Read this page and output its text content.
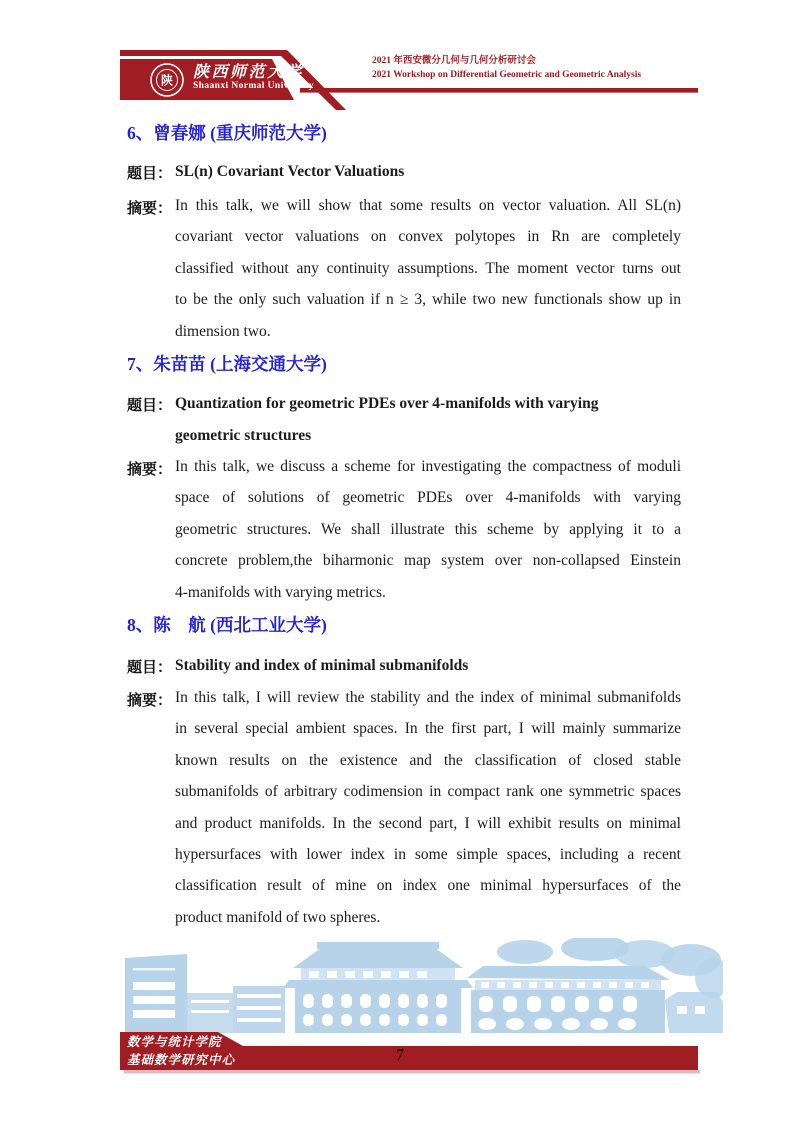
陕 陕西师范大学
Shaanxi Normal University
2021 年西安微分几何与几何分析研讨会
2021 Workshop on Differential Geometric and Geometric Analysis
6、曾春娜 (重庆师范大学)
题目： SL(n) Covariant Vector Valuations
摘要： In this talk, we will show that some results on vector valuation. All SL(n)
covariant vector valuations on convex polytopes in Rn are completely
classified without any continuity assumptions. The moment vector turns out
to be the only such valuation if n ≥ 3, while two new functionals show up in
dimension two.
7、朱苗苗 (上海交通大学)
题目： Quantization for geometric PDEs over 4-manifolds with varying
geometric structures
摘要： In this talk, we discuss a scheme for investigating the compactness of moduli
space of solutions of geometric PDEs over 4-manifolds with varying
geometric structures. We shall illustrate this scheme by applying it to a
concrete problem,the biharmonic map system over non-collapsed Einstein
4-manifolds with varying metrics.
8、陈　航 (西北工业大学)
题目： Stability and index of minimal submanifolds
摘要： In this talk, I will review the stability and the index of minimal submanifolds
in several special ambient spaces. In the first part, I will mainly summarize
known results on the existence and the classification of closed stable
submanifolds of arbitrary codimension in compact rank one symmetric spaces
and product manifolds. In the second part, I will exhibit results on minimal
hypersurfaces with lower index in some simple spaces, including a recent
classification result of mine on index one minimal hypersurfaces of the
product manifold of two spheres.
数学与统计学院
基础数学研究中心	7
